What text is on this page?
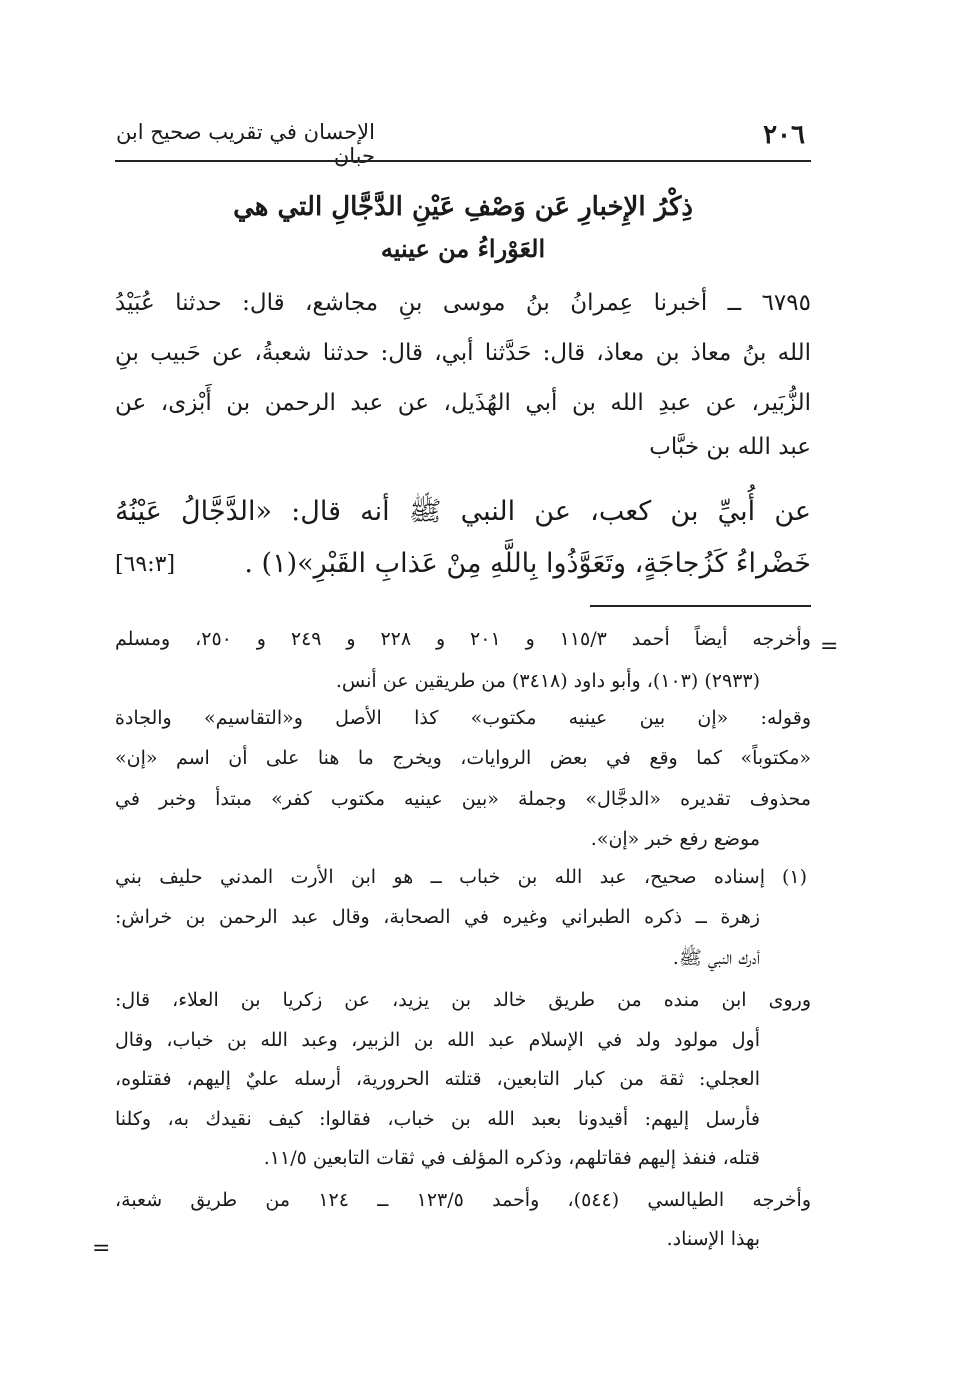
الإحسان في تقريب صحيح ابن حبان
٢٠٦
ذِكْرُ الإِخبارِ عَن وَصْفِ عَيْنِ الدَّجَّالِ التي هي
العَوْراءُ من عينيه
٦٧٩٥ ــ أخبرنا عِمرانُ بنُ موسى بنِ مجاشع، قال: حدثنا عُبَيْدُ
الله بنُ معاذ بن معاذ، قال: حَدَّثنا أبي، قال: حدثنا شعبةُ، عن حَبيب بنِ
الزُّبَير، عن عبدِ الله بن أبي الهُذَيل، عن عبد الرحمن بن أَبْزى، عن
عبد الله بن خبَّاب
عن أُبيِّ بن كعب، عن النبي ﷺ أنه قال: «الدَّجَّالُ عَيْنُهُ
خَضْراءُ كَزُجاجَةٍ، وتَعَوَّذُوا بِاللَّهِ مِنْ عَذابِ القَبْرِ»(١) .
[٦٩:٣]
=
وأخرجه أيضاً أحمد ١١٥/٣ و ٢٠١ و ٢٢٨ و ٢٤٩ و ٢٥٠، ومسلم
(٢٩٣٣) (١٠٣)، وأبو داود (٣٤١٨) من طريقين عن أنس.
وقوله: «إن بين عينيه مكتوب» كذا الأصل و«التقاسيم» والجادة
«مكتوباً» كما وقع في بعض الروايات، ويخرج ما هنا على أن اسم «إن»
محذوف تقديره «الدجَّال» وجملة «بين عينيه مكتوب كفر» مبتدأ وخبر في
موضع رفع خبر «إن».
(١)
إسناده صحيح، عبد الله بن خباب ــ هو ابن الأرت المدني حليف بني
زهرة ــ ذكره الطبراني وغيره في الصحابة، وقال عبد الرحمن بن خراش:
أدرك النبي ﷺ.
وروى ابن منده من طريق خالد بن يزيد، عن زكريا بن العلاء، قال:
أول مولود ولد في الإسلام عبد الله بن الزبير، وعبد الله بن خباب، وقال
العجلي: ثقة من كبار التابعين، قتلته الحرورية، أرسله عليٌ إليهم، فقتلوه،
فأرسل إليهم: أقيدونا بعبد الله بن خباب، فقالوا: كيف نقيدك به، وكلنا
قتله، فنفذ إليهم فقاتلهم، وذكره المؤلف في ثقات التابعين ١١/٥.
وأخرجه الطيالسي (٥٤٤)، وأحمد ١٢٣/٥ ــ ١٢٤ من طريق شعبة،
بهذا الإسناد.
=
